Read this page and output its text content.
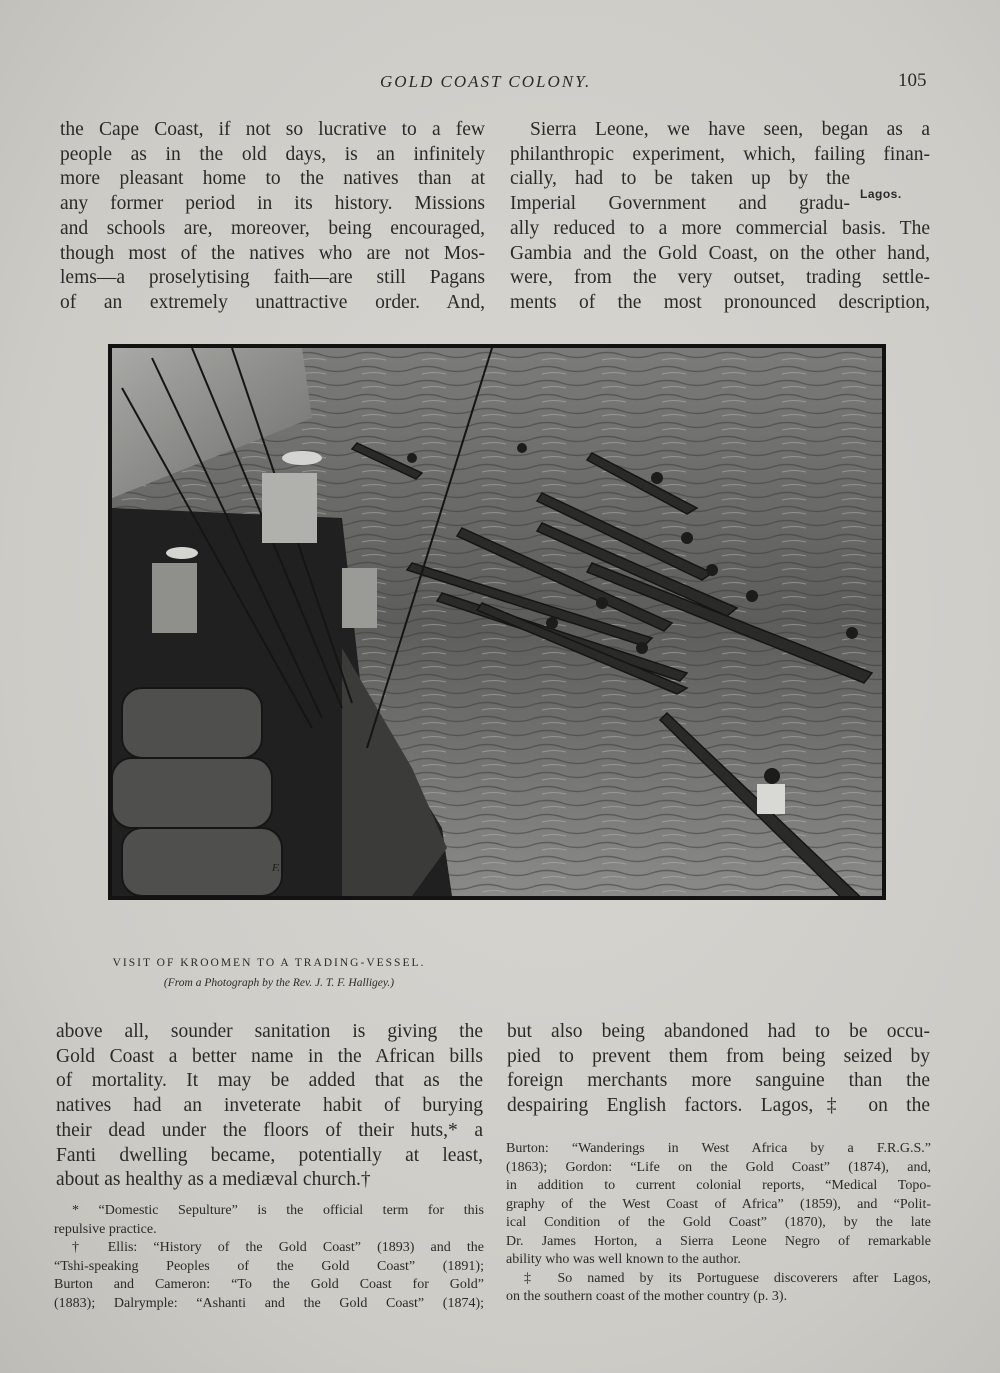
GOLD COAST COLONY.	105

the Cape Coast, if not so lucrative to a few

people as in the old days, is an infinitely

more pleasant home to the natives than at

any former period in its history. Missions

and schools are, moreover, being encouraged,

though most of the natives who are not Mos-

lems—a proselytising faith—are still Pagans

of an extremely unattractive order. And,

Sierra Leone, we have seen, began as a

philanthropic experiment, which, failing finan-

cially, had to be taken up by the

Imperial Government and gradu-

ally reduced to a more commercial basis. The

Gambia and the Gold Coast, on the other hand,

were, from the very outset, trading settle-

ments of the most pronounced description,

Lagos.
F.
VISIT OF KROOMEN TO A TRADING-VESSEL.
(From a Photograph by the Rev. J. T. F. Halligey.)

above all, sounder sanitation is giving the

Gold Coast a better name in the African bills

of mortality. It may be added that as the

natives had an inveterate habit of burying

their dead under the floors of their huts,* a

Fanti dwelling became, potentially at least,

about as healthy as a mediæval church.†

but also being abandoned had to be occu-

pied to prevent them from being seized by

foreign merchants more sanguine than the

despairing English factors. Lagos,‡ on the

* “Domestic Sepulture” is the official term for this

repulsive practice.

† Ellis: “History of the Gold Coast” (1893) and the

“Tshi-speaking Peoples of the Gold Coast” (1891);

Burton and Cameron: “To the Gold Coast for Gold”

(1883); Dalrymple: “Ashanti and the Gold Coast” (1874);

Burton: “Wanderings in West Africa by a F.R.G.S.”

(1863); Gordon: “Life on the Gold Coast” (1874), and,

in addition to current colonial reports, “Medical Topo-

graphy of the West Coast of Africa” (1859), and “Polit-

ical Condition of the Gold Coast” (1870), by the late

Dr. James Horton, a Sierra Leone Negro of remarkable

ability who was well known to the author.

‡ So named by its Portuguese discoverers after Lagos,

on the southern coast of the mother country (p. 3).
